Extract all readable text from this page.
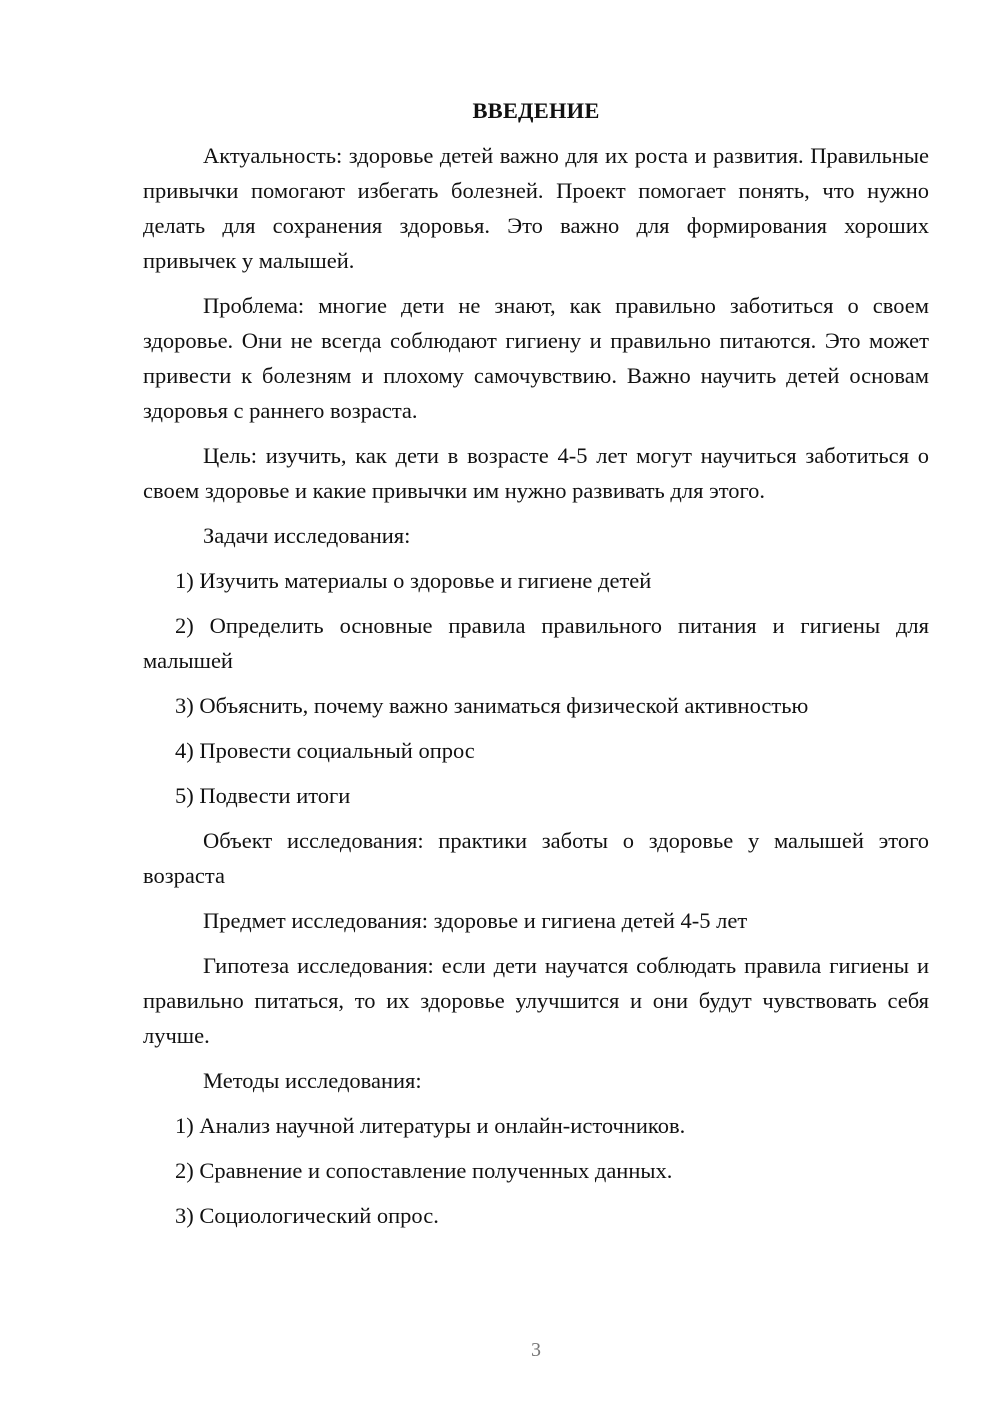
ВВЕДЕНИЕ

Актуальность: здоровье детей важно для их роста и развития. Правильные привычки помогают избегать болезней. Проект помогает понять, что нужно делать для сохранения здоровья. Это важно для формирования хороших привычек у малышей.

Проблема: многие дети не знают, как правильно заботиться о своем здоровье. Они не всегда соблюдают гигиену и правильно питаются. Это может привести к болезням и плохому самочувствию. Важно научить детей основам здоровья с раннего возраста.

Цель: изучить, как дети в возрасте 4-5 лет могут научиться заботиться о своем здоровье и какие привычки им нужно развивать для этого.

Задачи исследования:

1) Изучить материалы о здоровье и гигиене детей

2) Определить основные правила правильного питания и гигиены для малышей

3) Объяснить, почему важно заниматься физической активностью

4) Провести социальный опрос

5) Подвести итоги

Объект исследования: практики заботы о здоровье у малышей этого возраста

Предмет исследования: здоровье и гигиена детей 4-5 лет

Гипотеза исследования: если дети научатся соблюдать правила гигиены и правильно питаться, то их здоровье улучшится и они будут чувствовать себя лучше.

Методы исследования:

1) Анализ научной литературы и онлайн-источников.

2) Сравнение и сопоставление полученных данных.

3) Социологический опрос.

3
